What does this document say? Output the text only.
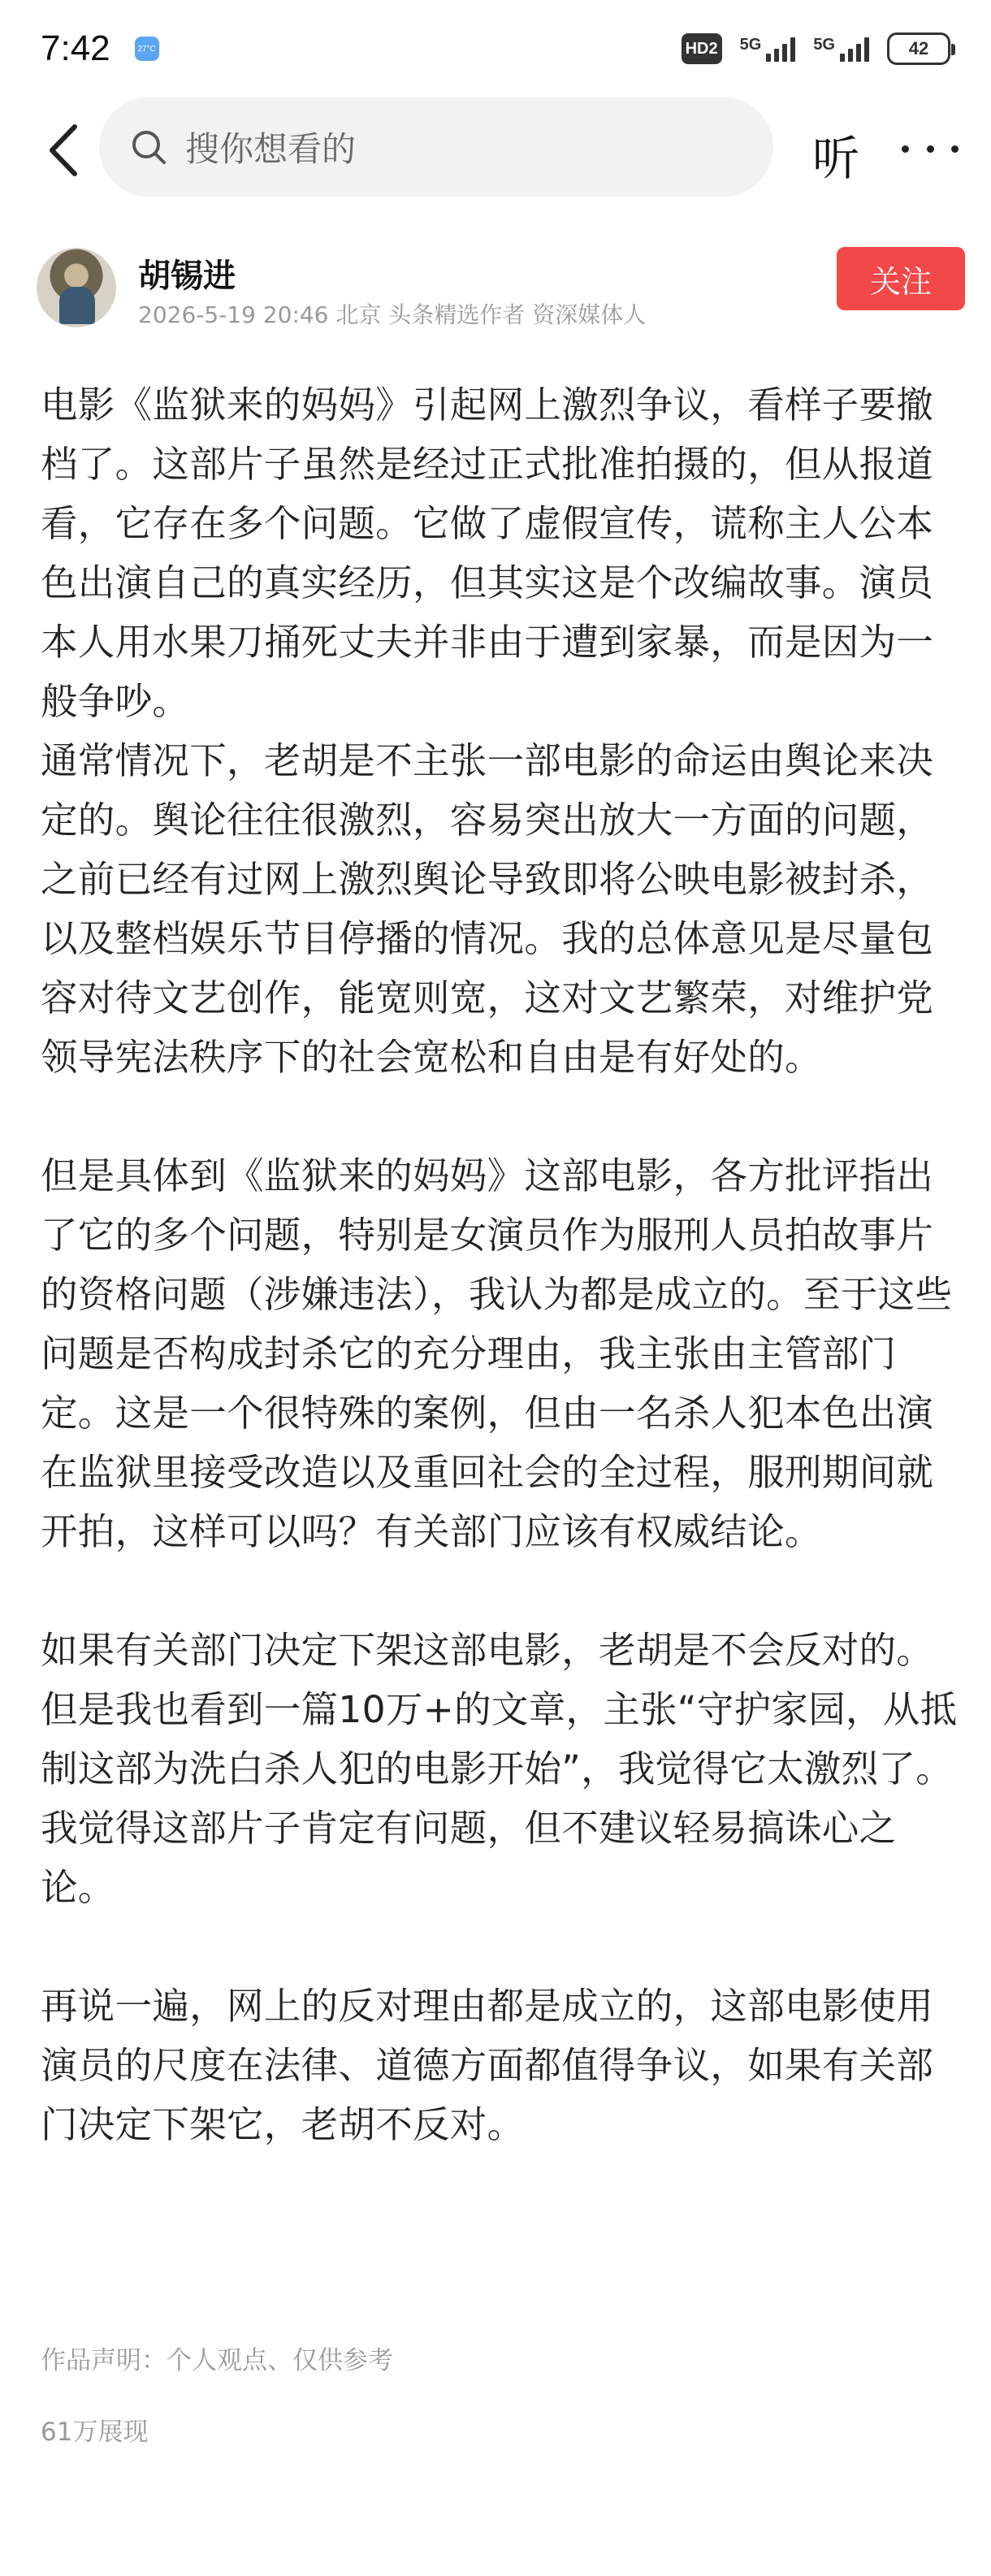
7:42	27°C	HD2 5G	5G	42
搜你想看的	听
胡锡进
2026-5-19 20:46 北京 头条精选作者 资深媒体人
关注

电影《监狱来的妈妈》引起网上激烈争议，看样子要撤档了。这部片子虽然是经过正式批准拍摄的，但从报道看，它存在多个问题。它做了虚假宣传，谎称主人公本色出演自己的真实经历，但其实这是个改编故事。演员本人用水果刀捅死丈夫并非由于遭到家暴，而是因为一般争吵。

通常情况下，老胡是不主张一部电影的命运由舆论来决定的。舆论往往很激烈，容易突出放大一方面的问题，之前已经有过网上激烈舆论导致即将公映电影被封杀，以及整档娱乐节目停播的情况。我的总体意见是尽量包容对待文艺创作，能宽则宽，这对文艺繁荣，对维护党领导宪法秩序下的社会宽松和自由是有好处的。

但是具体到《监狱来的妈妈》这部电影，各方批评指出了它的多个问题，特别是女演员作为服刑人员拍故事片的资格问题（涉嫌违法），我认为都是成立的。至于这些问题是否构成封杀它的充分理由，我主张由主管部门定。这是一个很特殊的案例，但由一名杀人犯本色出演在监狱里接受改造以及重回社会的全过程，服刑期间就开拍，这样可以吗？有关部门应该有权威结论。

如果有关部门决定下架这部电影，老胡是不会反对的。但是我也看到一篇10万+的文章，主张“守护家园，从抵制这部为洗白杀人犯的电影开始”，我觉得它太激烈了。我觉得这部片子肯定有问题，但不建议轻易搞诛心之论。

再说一遍，网上的反对理由都是成立的，这部电影使用演员的尺度在法律、道德方面都值得争议，如果有关部门决定下架它，老胡不反对。

作品声明：个人观点、仅供参考
61万展现
